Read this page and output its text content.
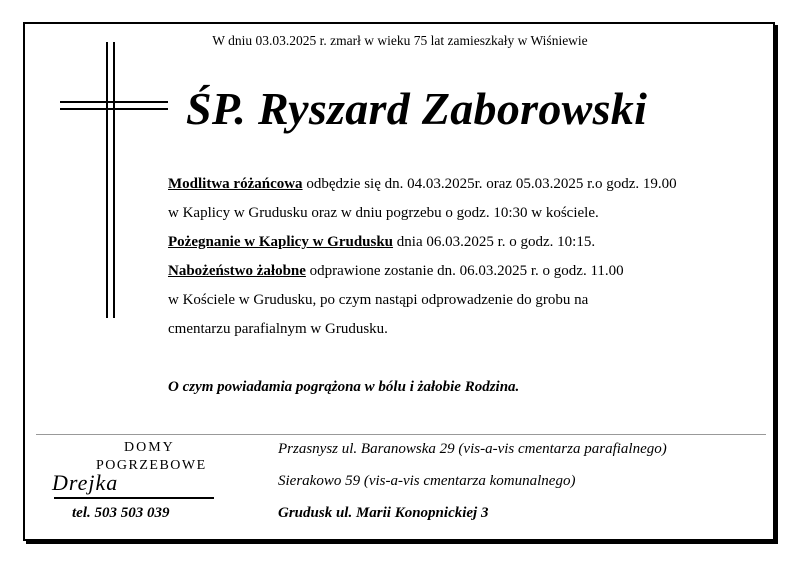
W dniu 03.03.2025 r. zmarł w wieku 75 lat zamieszkały w Wiśniewie
ŚP. Ryszard Zaborowski
Modlitwa różańcowa odbędzie się dn. 04.03.2025r. oraz 05.03.2025 r.o godz. 19.00
w Kaplicy w Grudusku oraz w dniu pogrzebu o godz. 10:30 w kościele.
Pożegnanie w Kaplicy w Grudusku dnia 06.03.2025 r. o godz. 10:15.
Nabożeństwo żałobne odprawione zostanie dn. 06.03.2025 r. o godz. 11.00
w Kościele w Grudusku, po czym nastąpi odprowadzenie do grobu na
cmentarzu parafialnym w Grudusku.
O czym powiadamia pogrążona w bólu i żałobie Rodzina.
DOMY
POGRZEBOWE
Drejka
tel. 503 503 039
Przasnysz ul. Baranowska 29 (vis-a-vis cmentarza parafialnego)
Sierakowo 59 (vis-a-vis cmentarza komunalnego)
Grudusk ul. Marii Konopnickiej 3
